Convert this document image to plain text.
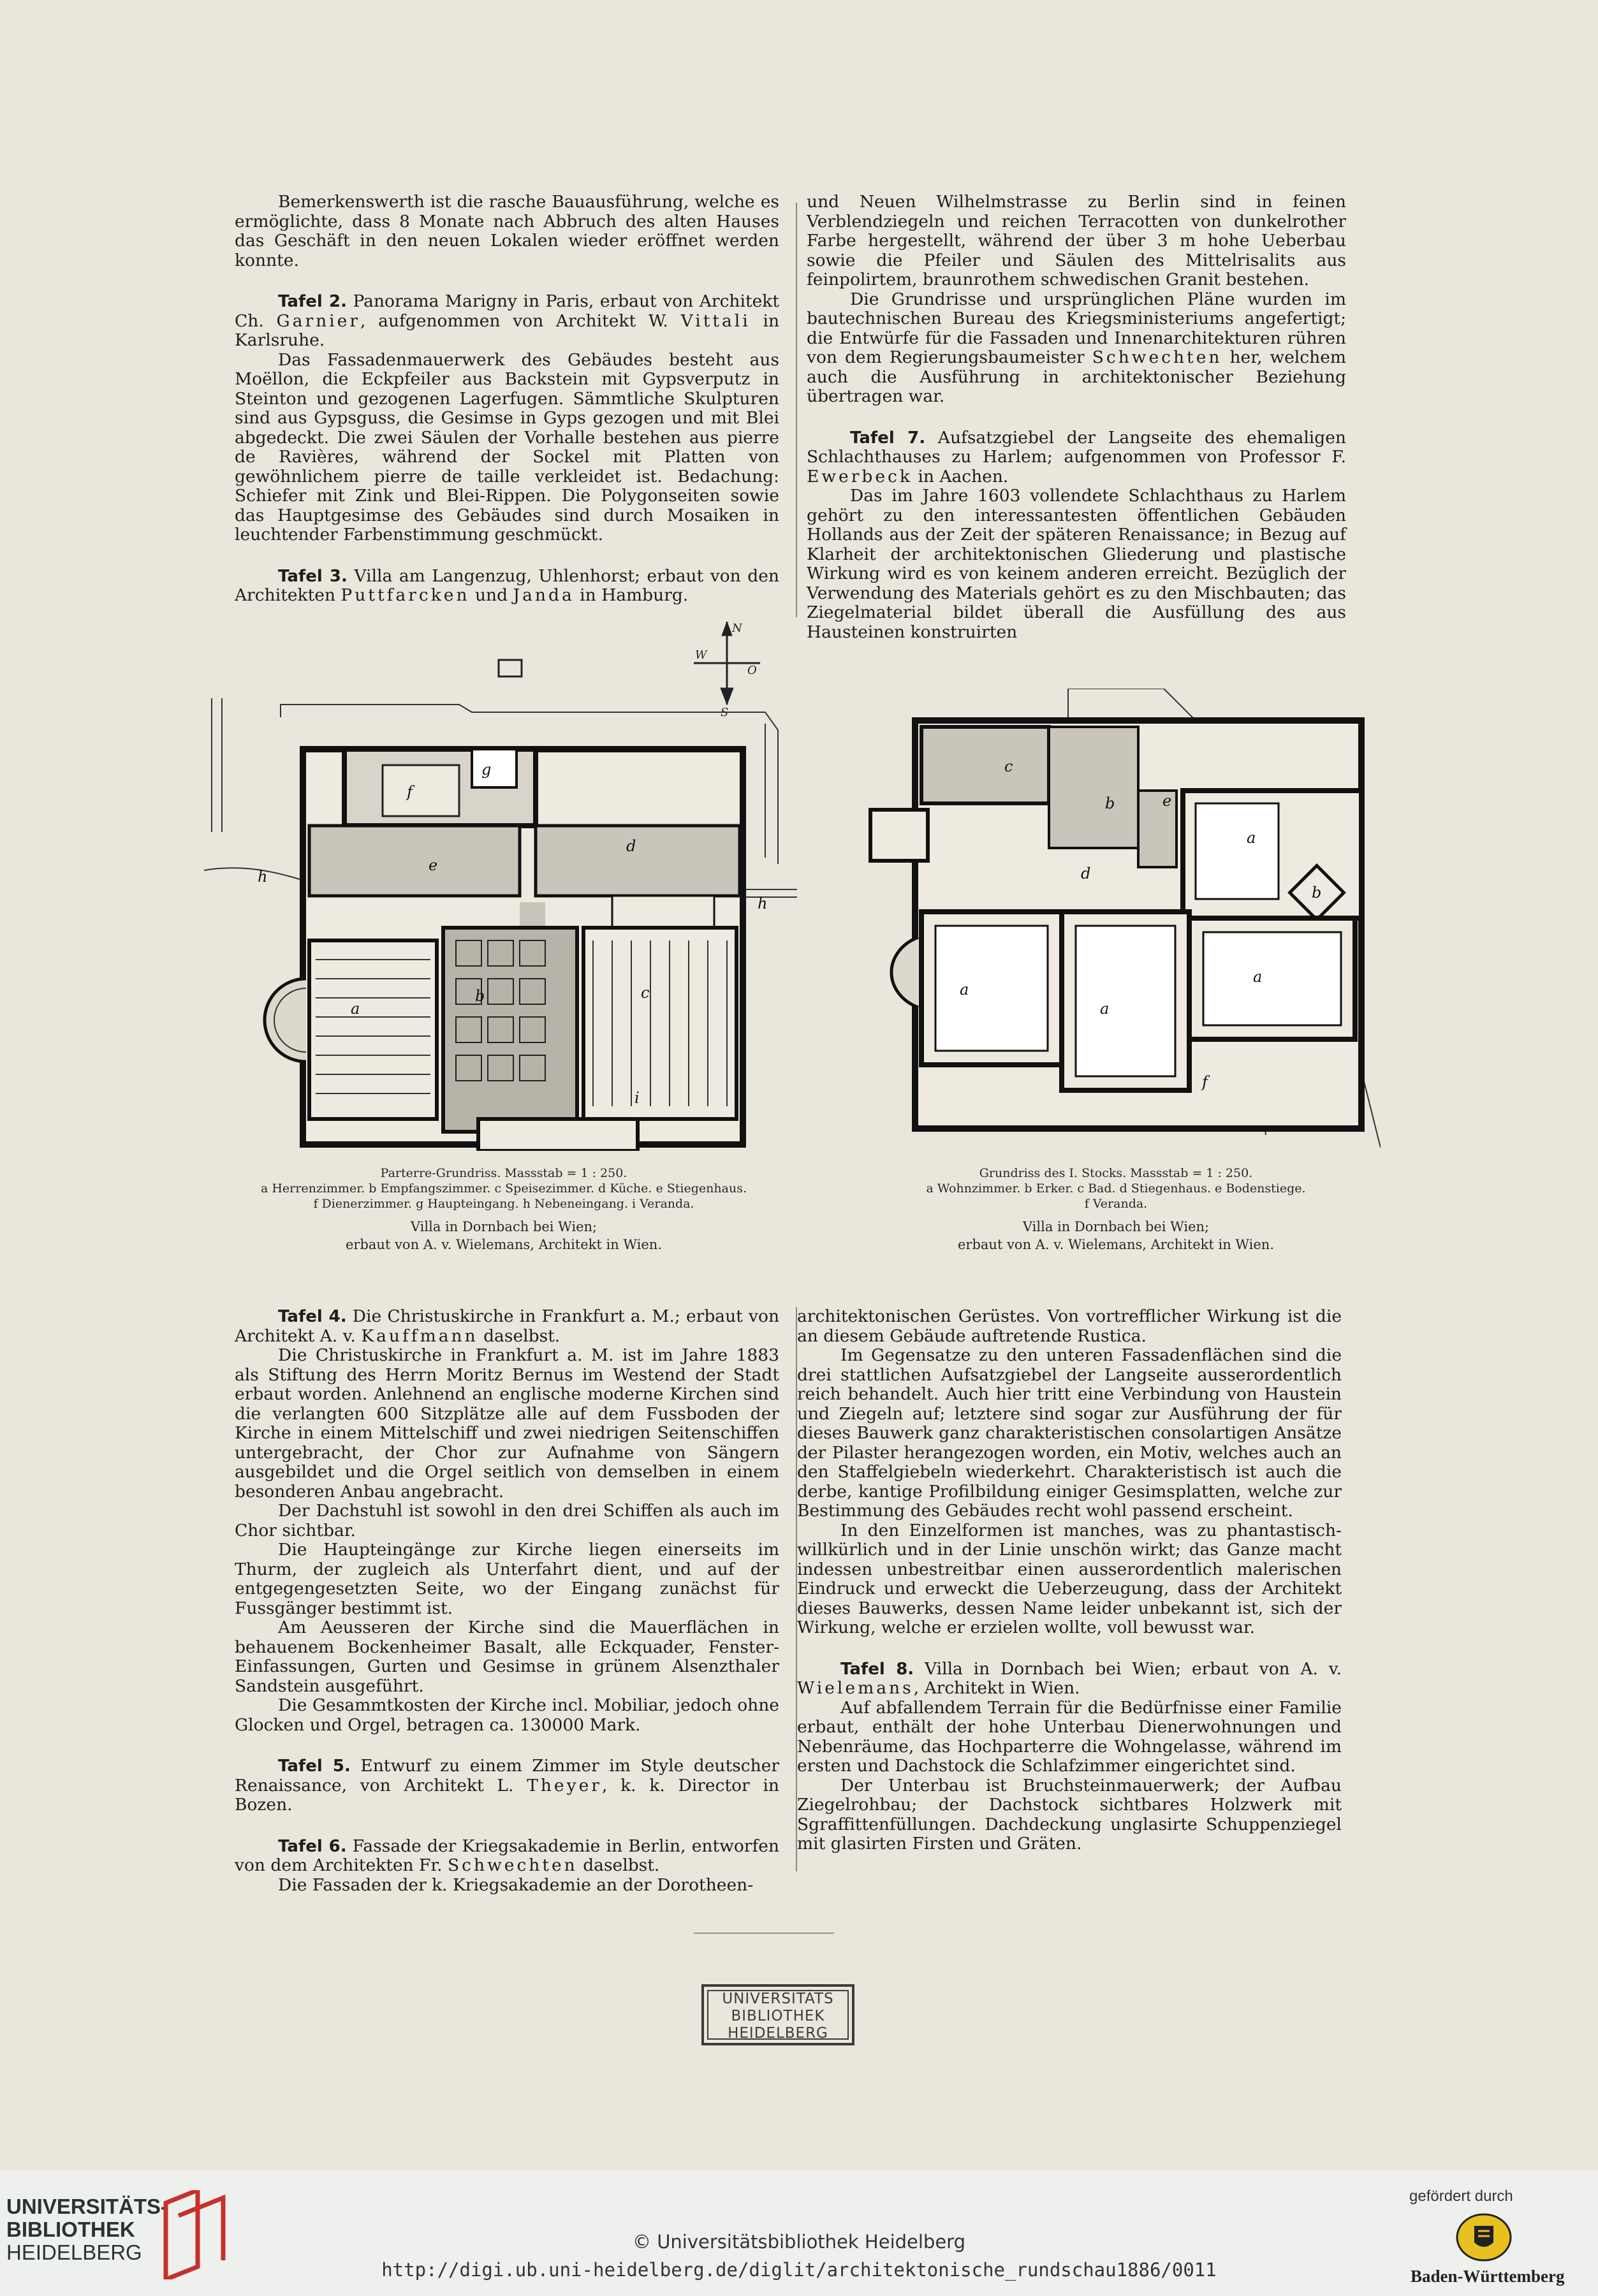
Bemerkenswerth ist die rasche Bauausführung, welche es ermöglichte, dass 8 Monate nach Abbruch des alten Hauses das Geschäft in den neuen Lokalen wieder eröffnet werden konnte.

Tafel 2. Panorama Marigny in Paris, erbaut von Architekt Ch. Garnier, aufgenommen von Architekt W. Vittali in Karlsruhe.

Das Fassadenmauerwerk des Gebäudes besteht aus Moëllon, die Eckpfeiler aus Backstein mit Gypsverputz in Steinton und gezogenen Lagerfugen. Sämmtliche Skulpturen sind aus Gypsguss, die Gesimse in Gyps gezogen und mit Blei abgedeckt. Die zwei Säulen der Vorhalle bestehen aus pierre de Ravières, während der Sockel mit Platten von gewöhnlichem pierre de taille verkleidet ist. Bedachung: Schiefer mit Zink und Blei-Rippen. Die Polygonseiten sowie das Hauptgesimse des Gebäudes sind durch Mosaiken in leuchtender Farbenstimmung geschmückt.

Tafel 3. Villa am Langenzug, Uhlenhorst; erbaut von den Architekten Puttfarcken und Janda in Hamburg.

und Neuen Wilhelmstrasse zu Berlin sind in feinen Verblendziegeln und reichen Terracotten von dunkelrother Farbe hergestellt, während der über 3 m hohe Ueberbau sowie die Pfeiler und Säulen des Mittelrisalits aus feinpolirtem, braunrothem schwedischen Granit bestehen.

Die Grundrisse und ursprünglichen Pläne wurden im bautechnischen Bureau des Kriegsministeriums angefertigt; die Entwürfe für die Fassaden und Innenarchitekturen rühren von dem Regierungsbaumeister Schwechten her, welchem auch die Ausführung in architektonischer Beziehung übertragen war.

Tafel 7. Aufsatzgiebel der Langseite des ehemaligen Schlachthauses zu Harlem; aufgenommen von Professor F. Ewerbeck in Aachen.

Das im Jahre 1603 vollendete Schlachthaus zu Harlem gehört zu den interessantesten öffentlichen Gebäuden Hollands aus der Zeit der späteren Renaissance; in Bezug auf Klarheit der architektonischen Gliederung und plastische Wirkung wird es von keinem anderen erreicht. Bezüglich der Verwendung des Materials gehört es zu den Mischbauten; das Ziegelmaterial bildet überall die Ausfüllung des aus Hausteinen konstruirten

N
W
O
S
f
g
e
d
h
h
a
b	c
i
c
b	e
d
a
b
a
a
a
f
Parterre-Grundriss. Massstab = 1 : 250.
a Herrenzimmer. b Empfangszimmer. c Speisezimmer. d Küche. e Stiegenhaus.
f Dienerzimmer. g Haupteingang. h Nebeneingang. i Veranda.
Villa in Dornbach bei Wien;
erbaut von A. v. Wielemans, Architekt in Wien.
Grundriss des I. Stocks. Massstab = 1 : 250.
a Wohnzimmer. b Erker. c Bad. d Stiegenhaus. e Bodenstiege.
f Veranda.
Villa in Dornbach bei Wien;
erbaut von A. v. Wielemans, Architekt in Wien.

Tafel 4. Die Christuskirche in Frankfurt a. M.; erbaut von Architekt A. v. Kauffmann daselbst.

Die Christuskirche in Frankfurt a. M. ist im Jahre 1883 als Stiftung des Herrn Moritz Bernus im Westend der Stadt erbaut worden. Anlehnend an englische moderne Kirchen sind die verlangten 600 Sitzplätze alle auf dem Fussboden der Kirche in einem Mittelschiff und zwei niedrigen Seitenschiffen untergebracht, der Chor zur Aufnahme von Sängern ausgebildet und die Orgel seitlich von demselben in einem besonderen Anbau angebracht.

Der Dachstuhl ist sowohl in den drei Schiffen als auch im Chor sichtbar.

Die Haupteingänge zur Kirche liegen einerseits im Thurm, der zugleich als Unterfahrt dient, und auf der entgegengesetzten Seite, wo der Eingang zunächst für Fussgänger bestimmt ist.

Am Aeusseren der Kirche sind die Mauerflächen in behauenem Bockenheimer Basalt, alle Eckquader, Fenster-Einfassungen, Gurten und Gesimse in grünem Alsenzthaler Sandstein ausgeführt.

Die Gesammtkosten der Kirche incl. Mobiliar, jedoch ohne Glocken und Orgel, betragen ca. 130000 Mark.

Tafel 5. Entwurf zu einem Zimmer im Style deutscher Renaissance, von Architekt L. Theyer, k. k. Director in Bozen.

Tafel 6. Fassade der Kriegsakademie in Berlin, entworfen von dem Architekten Fr. Schwechten daselbst.

Die Fassaden der k. Kriegsakademie an der Dorotheen-

architektonischen Gerüstes. Von vortrefflicher Wirkung ist die an diesem Gebäude auftretende Rustica.

Im Gegensatze zu den unteren Fassadenflächen sind die drei stattlichen Aufsatzgiebel der Langseite ausserordentlich reich behandelt. Auch hier tritt eine Verbindung von Haustein und Ziegeln auf; letztere sind sogar zur Ausführung der für dieses Bauwerk ganz charakteristischen consolartigen Ansätze der Pilaster herangezogen worden, ein Motiv, welches auch an den Staffelgiebeln wiederkehrt. Charakteristisch ist auch die derbe, kantige Profilbildung einiger Gesimsplatten, welche zur Bestimmung des Gebäudes recht wohl passend erscheint.

In den Einzelformen ist manches, was zu phantastisch-willkürlich und in der Linie unschön wirkt; das Ganze macht indessen unbestreitbar einen ausserordentlich malerischen Eindruck und erweckt die Ueberzeugung, dass der Architekt dieses Bauwerks, dessen Name leider unbekannt ist, sich der Wirkung, welche er erzielen wollte, voll bewusst war.

Tafel 8. Villa in Dornbach bei Wien; erbaut von A. v. Wielemans, Architekt in Wien.

Auf abfallendem Terrain für die Bedürfnisse einer Familie erbaut, enthält der hohe Unterbau Dienerwohnungen und Nebenräume, das Hochparterre die Wohngelasse, während im ersten und Dachstock die Schlafzimmer eingerichtet sind.

Der Unterbau ist Bruchsteinmauerwerk; der Aufbau Ziegelrohbau; der Dachstock sichtbares Holzwerk mit Sgraffittenfüllungen. Dachdeckung unglasirte Schuppenziegel mit glasirten Firsten und Gräten.

UNIVERSITÄTS
BIBLIOTHEK
HEIDELBERG
UNIVERSITÄTS-
BIBLIOTHEK
HEIDELBERG	© Universitätsbibliothek Heidelberg
http://digi.ub.uni-heidelberg.de/diglit/architektonische_rundschau1886/0011
gefördert durch
Baden-Württemberg
